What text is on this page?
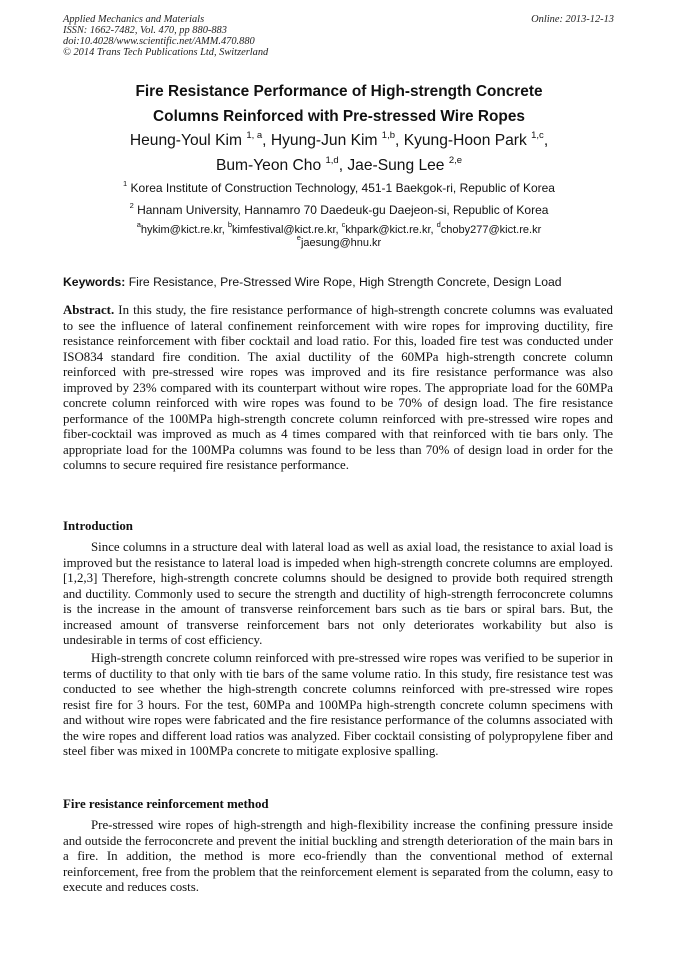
Applied Mechanics and Materials
ISSN: 1662-7482, Vol. 470, pp 880-883
doi:10.4028/www.scientific.net/AMM.470.880
© 2014 Trans Tech Publications Ltd, Switzerland
Online: 2013-12-13
Fire Resistance Performance of High-strength Concrete
Columns Reinforced with Pre-stressed Wire Ropes
Heung-Youl Kim $^{1, a}$, Hyung-Jun Kim $^{1,b}$, Kyung-Hoon Park $^{1,c}$,
Bum-Yeon Cho $^{1,d}$, Jae-Sung Lee $^{2,e}$
$^1$ Korea Institute of Construction Technology, 451-1 Baekgok-ri, Republic of Korea
$^2$ Hannam University, Hannamro 70 Daedeuk-gu Daejeon-si, Republic of Korea
$^a$hykim@kict.re.kr, $^b$kimfestival@kict.re.kr, $^c$khpark@kict.re.kr, $^d$choby277@kict.re.kr
$^e$jaesung@hnu.kr
Keywords: Fire Resistance, Pre-Stressed Wire Rope, High Strength Concrete, Design Load
Abstract. In this study, the fire resistance performance of high-strength concrete columns was evaluated to see the influence of lateral confinement reinforcement with wire ropes for improving ductility, fire resistance reinforcement with fiber cocktail and load ratio. For this, loaded fire test was conducted under ISO834 standard fire condition. The axial ductility of the 60MPa high-strength concrete column reinforced with pre-stressed wire ropes was improved and its fire resistance performance was also improved by 23% compared with its counterpart without wire ropes. The appropriate load for the 60MPa concrete column reinforced with wire ropes was found to be 70% of design load. The fire resistance performance of the 100MPa high-strength concrete column reinforced with pre-stressed wire ropes and fiber-cocktail was improved as much as 4 times compared with that reinforced with tie bars only. The appropriate load for the 100MPa columns was found to be less than 70% of design load in order for the columns to secure required fire resistance performance.
Introduction
Since columns in a structure deal with lateral load as well as axial load, the resistance to axial load is improved but the resistance to lateral load is impeded when high-strength concrete columns are employed.[1,2,3] Therefore, high-strength concrete columns should be designed to provide both required strength and ductility. Commonly used to secure the strength and ductility of high-strength ferroconcrete columns is the increase in the amount of transverse reinforcement bars such as tie bars or spiral bars. But, the increased amount of transverse reinforcement bars not only deteriorates workability but also is undesirable in terms of cost efficiency.
High-strength concrete column reinforced with pre-stressed wire ropes was verified to be superior in terms of ductility to that only with tie bars of the same volume ratio. In this study, fire resistance test was conducted to see whether the high-strength concrete columns reinforced with pre-stressed wire ropes resist fire for 3 hours. For the test, 60MPa and 100MPa high-strength concrete column specimens with and without wire ropes were fabricated and the fire resistance performance of the columns associated with the wire ropes and different load ratios was analyzed. Fiber cocktail consisting of polypropylene fiber and steel fiber was mixed in 100MPa concrete to mitigate explosive spalling.
Fire resistance reinforcement method
Pre-stressed wire ropes of high-strength and high-flexibility increase the confining pressure inside and outside the ferroconcrete and prevent the initial buckling and strength deterioration of the main bars in a fire. In addition, the method is more eco-friendly than the conventional method of external reinforcement, free from the problem that the reinforcement element is separated from the column, easy to execute and reduces costs.
